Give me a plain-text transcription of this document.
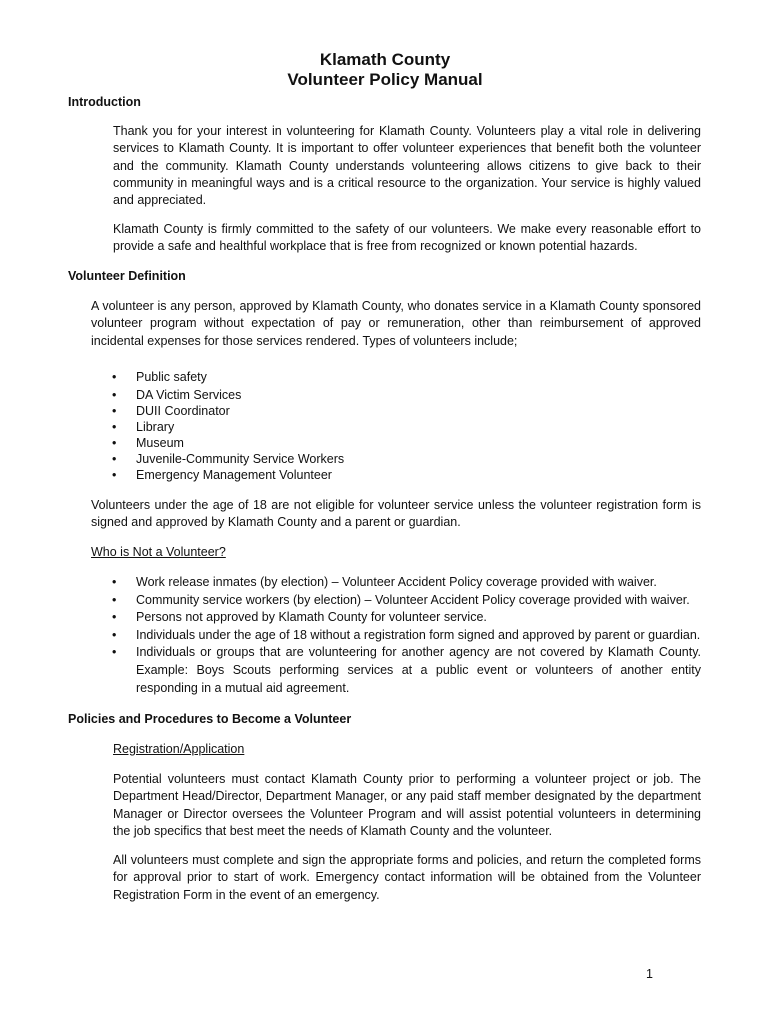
Klamath County
Volunteer Policy Manual
Introduction

Thank you for your interest in volunteering for Klamath County. Volunteers play a vital role in delivering services to Klamath County. It is important to offer volunteer experiences that benefit both the volunteer and the community. Klamath County understands volunteering allows citizens to give back to their community in meaningful ways and is a critical resource to the organization. Your service is highly valued and appreciated.

Klamath County is firmly committed to the safety of our volunteers. We make every reasonable effort to provide a safe and healthful workplace that is free from recognized or known potential hazards.

Volunteer Definition

A volunteer is any person, approved by Klamath County, who donates service in a Klamath County sponsored volunteer program without expectation of pay or remuneration, other than reimbursement of approved incidental expenses for those services rendered. Types of volunteers include;

• Public safety
• DA Victim Services
• DUII Coordinator
• Library
• Museum
• Juvenile-Community Service Workers
• Emergency Management Volunteer

Volunteers under the age of 18 are not eligible for volunteer service unless the volunteer registration form is signed and approved by Klamath County and a parent or guardian.

Who is Not a Volunteer?

• Work release inmates (by election) – Volunteer Accident Policy coverage provided with waiver.
• Community service workers (by election) – Volunteer Accident Policy coverage provided with waiver.
• Persons not approved by Klamath County for volunteer service.
• Individuals under the age of 18 without a registration form signed and approved by parent or guardian.
• Individuals or groups that are volunteering for another agency are not covered by Klamath County. Example: Boys Scouts performing services at a public event or volunteers of another entity responding in a mutual aid agreement.
Policies and Procedures to Become a Volunteer

Registration/Application

Potential volunteers must contact Klamath County prior to performing a volunteer project or job. The Department Head/Director, Department Manager, or any paid staff member designated by the department Manager or Director oversees the Volunteer Program and will assist potential volunteers in determining the job specifics that best meet the needs of Klamath County and the volunteer.

All volunteers must complete and sign the appropriate forms and policies, and return the completed forms for approval prior to start of work. Emergency contact information will be obtained from the Volunteer Registration Form in the event of an emergency.

1
